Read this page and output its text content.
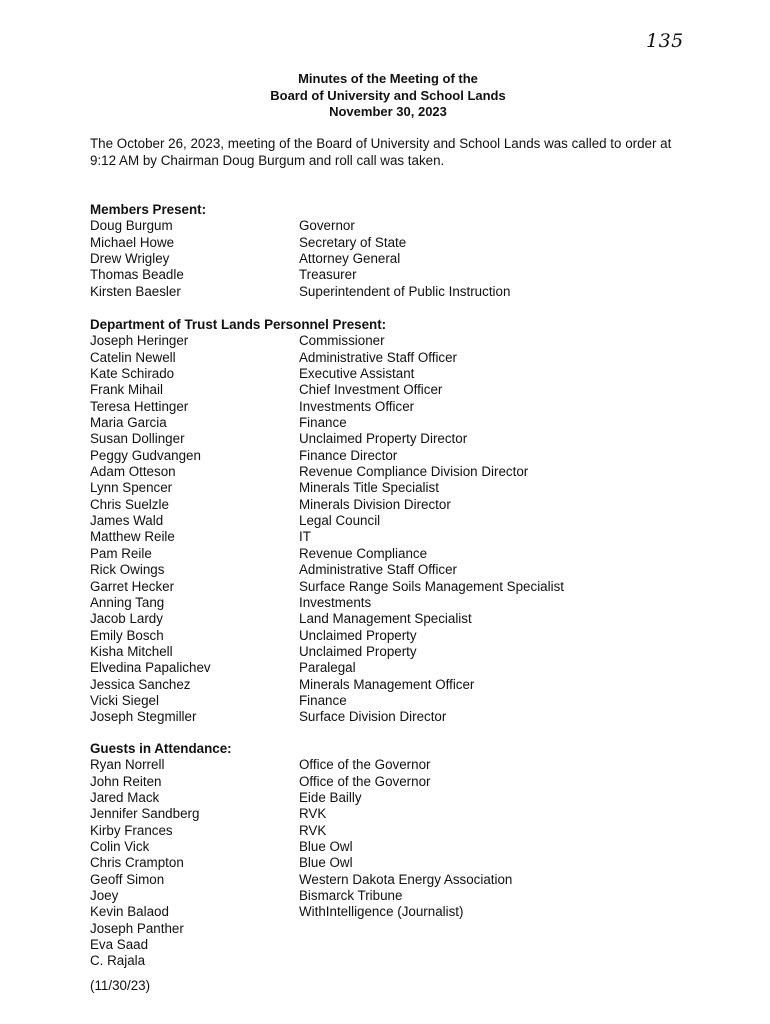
135
Minutes of the Meeting of the
Board of University and School Lands
November 30, 2023
The October 26, 2023, meeting of the Board of University and School Lands was called to order at 9:12 AM by Chairman Doug Burgum and roll call was taken.
Members Present:
Doug Burgum	Governor
Michael Howe	Secretary of State
Drew Wrigley	Attorney General
Thomas Beadle	Treasurer
Kirsten Baesler	Superintendent of Public Instruction
Department of Trust Lands Personnel Present:
Joseph Heringer	Commissioner
Catelin Newell	Administrative Staff Officer
Kate Schirado	Executive Assistant
Frank Mihail	Chief Investment Officer
Teresa Hettinger	Investments Officer
Maria Garcia	Finance
Susan Dollinger	Unclaimed Property Director
Peggy Gudvangen	Finance Director
Adam Otteson	Revenue Compliance Division Director
Lynn Spencer	Minerals Title Specialist
Chris Suelzle	Minerals Division Director
James Wald	Legal Council
Matthew Reile	IT
Pam Reile	Revenue Compliance
Rick Owings	Administrative Staff Officer
Garret Hecker	Surface Range Soils Management Specialist
Anning Tang	Investments
Jacob Lardy	Land Management Specialist
Emily Bosch	Unclaimed Property
Kisha Mitchell	Unclaimed Property
Elvedina Papalichev	Paralegal
Jessica Sanchez	Minerals Management Officer
Vicki Siegel	Finance
Joseph Stegmiller	Surface Division Director
Guests in Attendance:
Ryan Norrell	Office of the Governor
John Reiten	Office of the Governor
Jared Mack	Eide Bailly
Jennifer Sandberg	RVK
Kirby Frances	RVK
Colin Vick	Blue Owl
Chris Crampton	Blue Owl
Geoff Simon	Western Dakota Energy Association
Joey	Bismarck Tribune
Kevin Balaod	WithIntelligence (Journalist)
Joseph Panther
Eva Saad
C. Rajala
(11/30/23)
